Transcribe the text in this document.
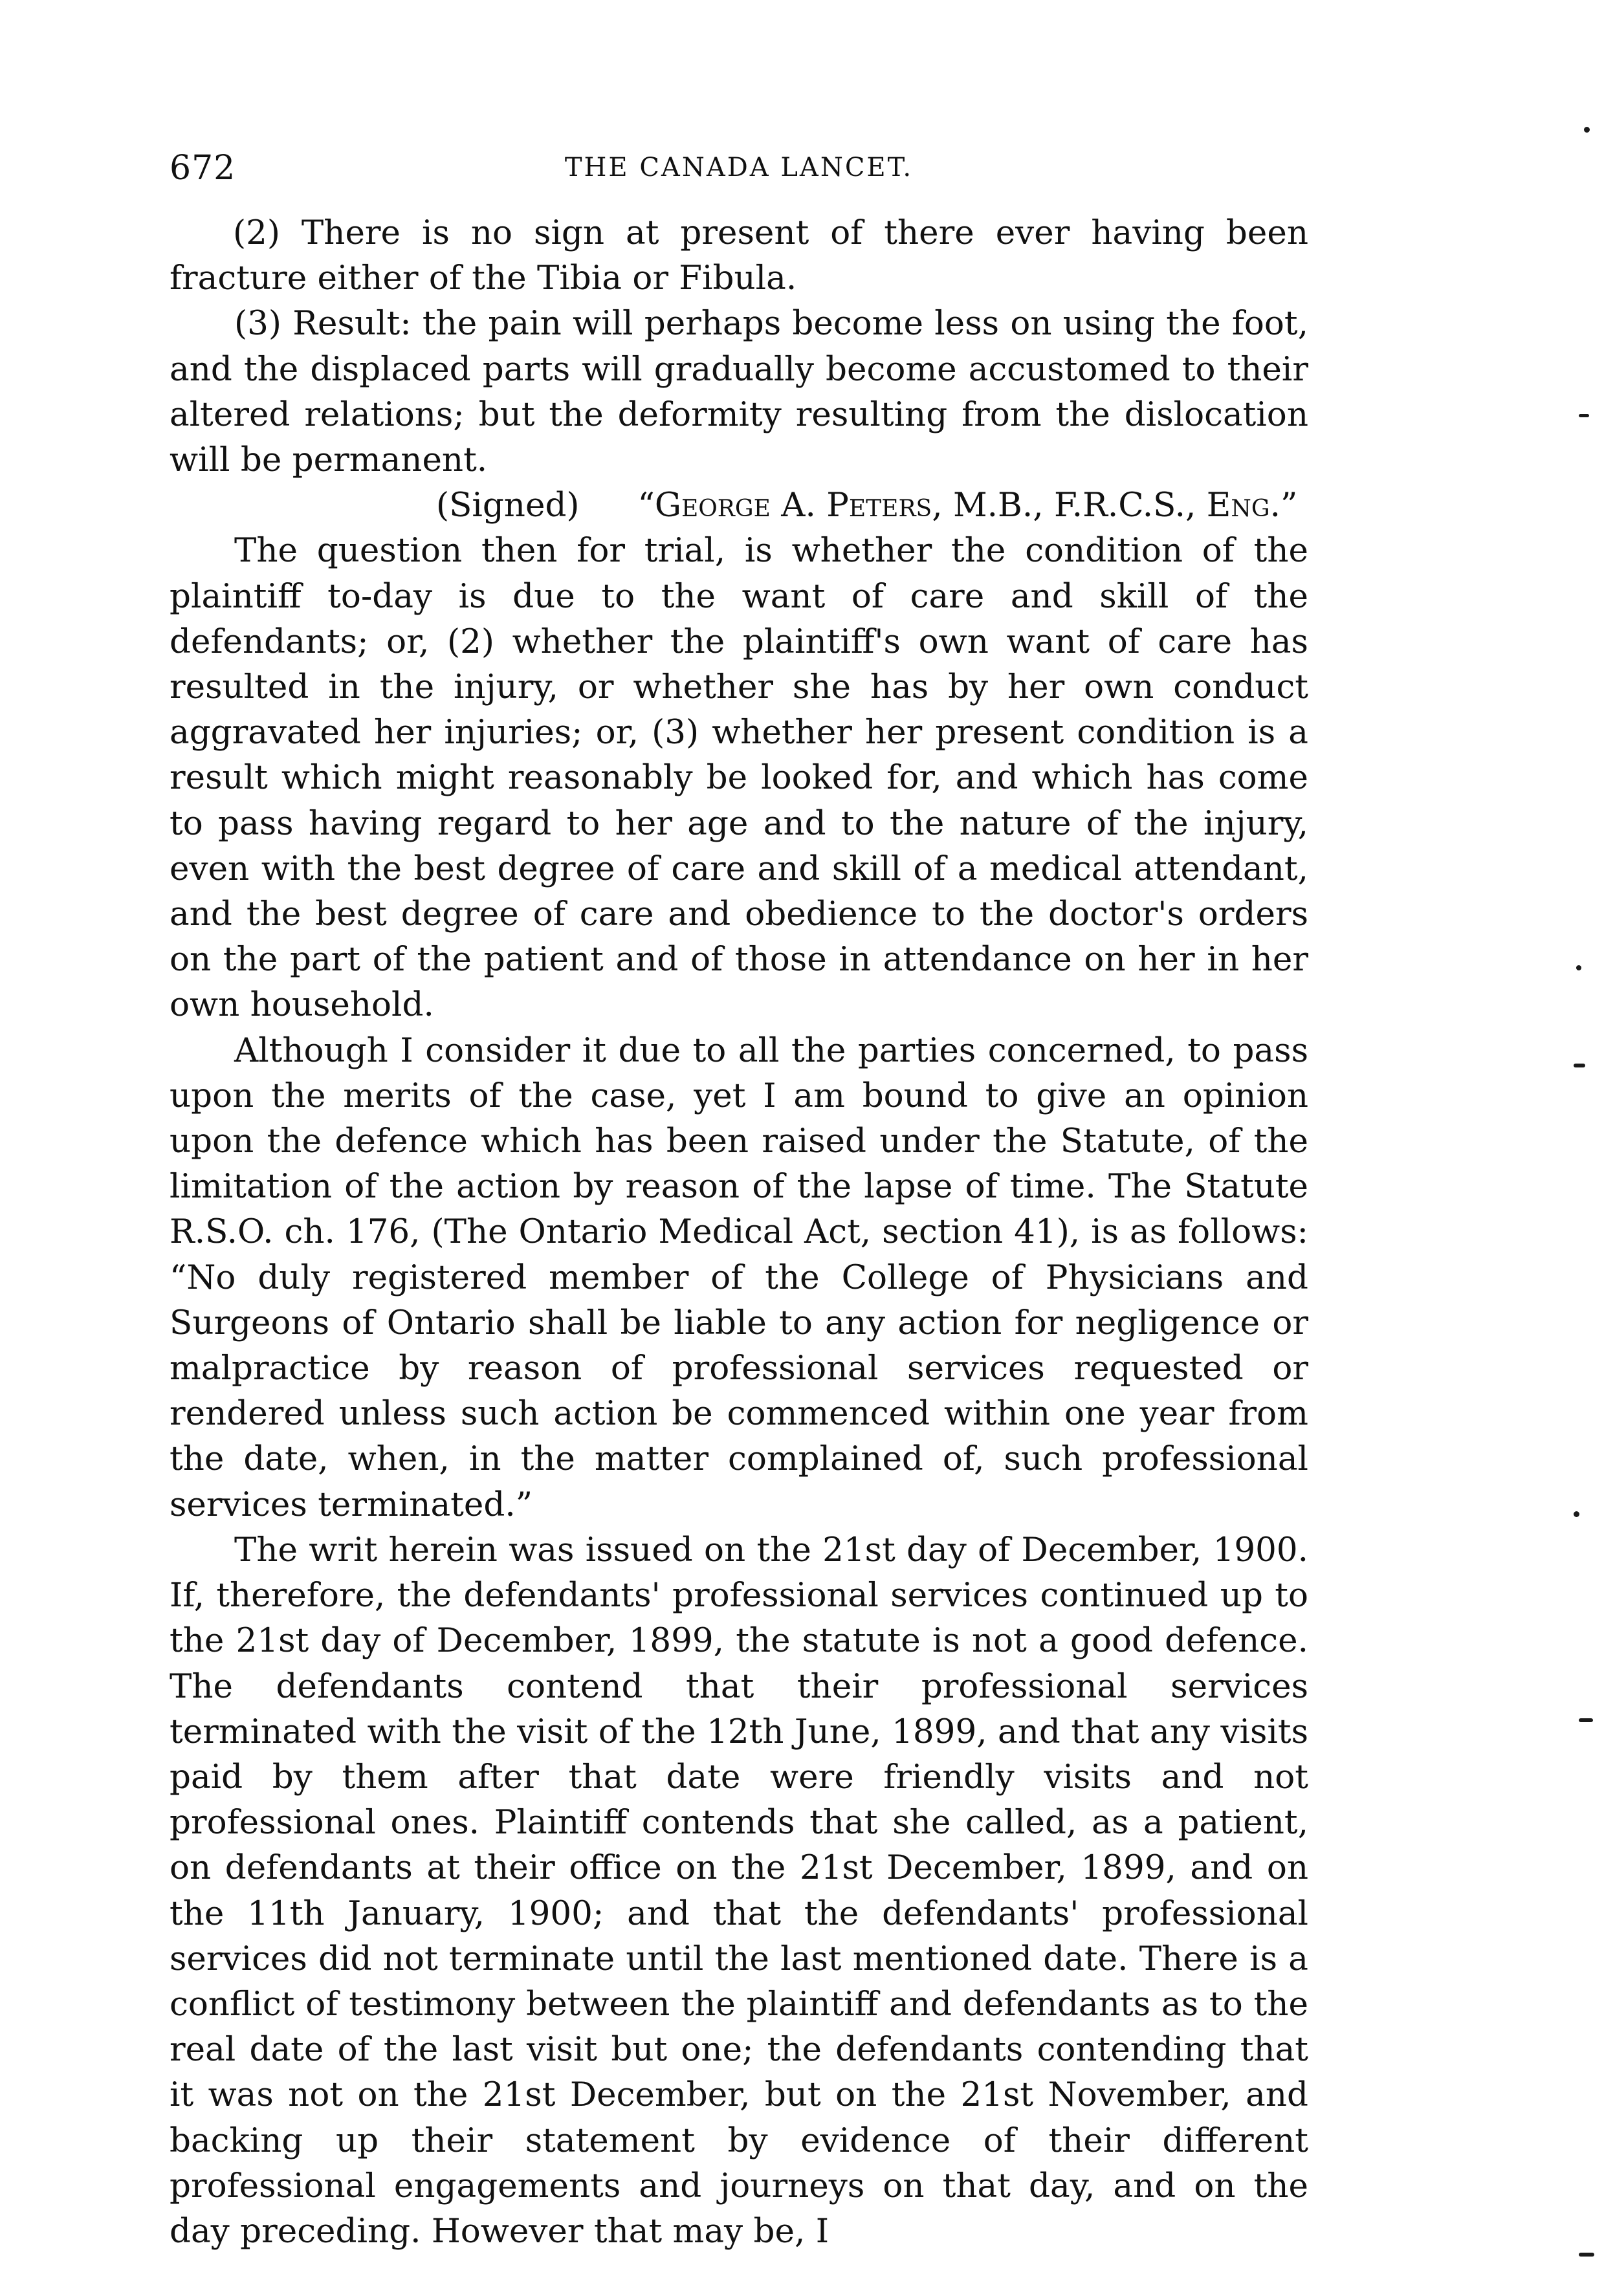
672	THE CANADA LANCET.

(2) There is no sign at present of there ever having been fracture either of the Tibia or Fibula.

(3) Result: the pain will perhaps become less on using the foot, and the displaced parts will gradually become accustomed to their altered relations; but the deformity resulting from the dislocation will be permanent.

(Signed) “George A. Peters, M.B., F.R.C.S., Eng.”

The question then for trial, is whether the condition of the plaintiff to-day is due to the want of care and skill of the defendants; or, (2) whether the plaintiff's own want of care has resulted in the injury, or whether she has by her own conduct aggravated her injuries; or, (3) whether her present condition is a result which might reasonably be looked for, and which has come to pass having regard to her age and to the nature of the injury, even with the best degree of care and skill of a medical attendant, and the best degree of care and obedience to the doctor's orders on the part of the patient and of those in attendance on her in her own household.

Although I consider it due to all the parties concerned, to pass upon the merits of the case, yet I am bound to give an opinion upon the defence which has been raised under the Statute, of the limitation of the action by reason of the lapse of time. The Statute R.S.O. ch. 176, (The Ontario Medical Act, section 41), is as follows: “No duly registered member of the College of Physicians and Surgeons of Ontario shall be liable to any action for negligence or malpractice by reason of professional services requested or rendered unless such action be commenced within one year from the date, when, in the matter complained of, such professional services terminated.”

The writ herein was issued on the 21st day of December, 1900. If, therefore, the defendants' professional services continued up to the 21st day of December, 1899, the statute is not a good defence. The defendants contend that their professional services terminated with the visit of the 12th June, 1899, and that any visits paid by them after that date were friendly visits and not professional ones. Plaintiff contends that she called, as a patient, on defendants at their office on the 21st December, 1899, and on the 11th January, 1900; and that the defendants' professional services did not terminate until the last mentioned date. There is a conflict of testimony between the plaintiff and defendants as to the real date of the last visit but one; the defendants contending that it was not on the 21st December, but on the 21st November, and backing up their statement by evidence of their different professional engagements and journeys on that day, and on the day preceding. However that may be, I
